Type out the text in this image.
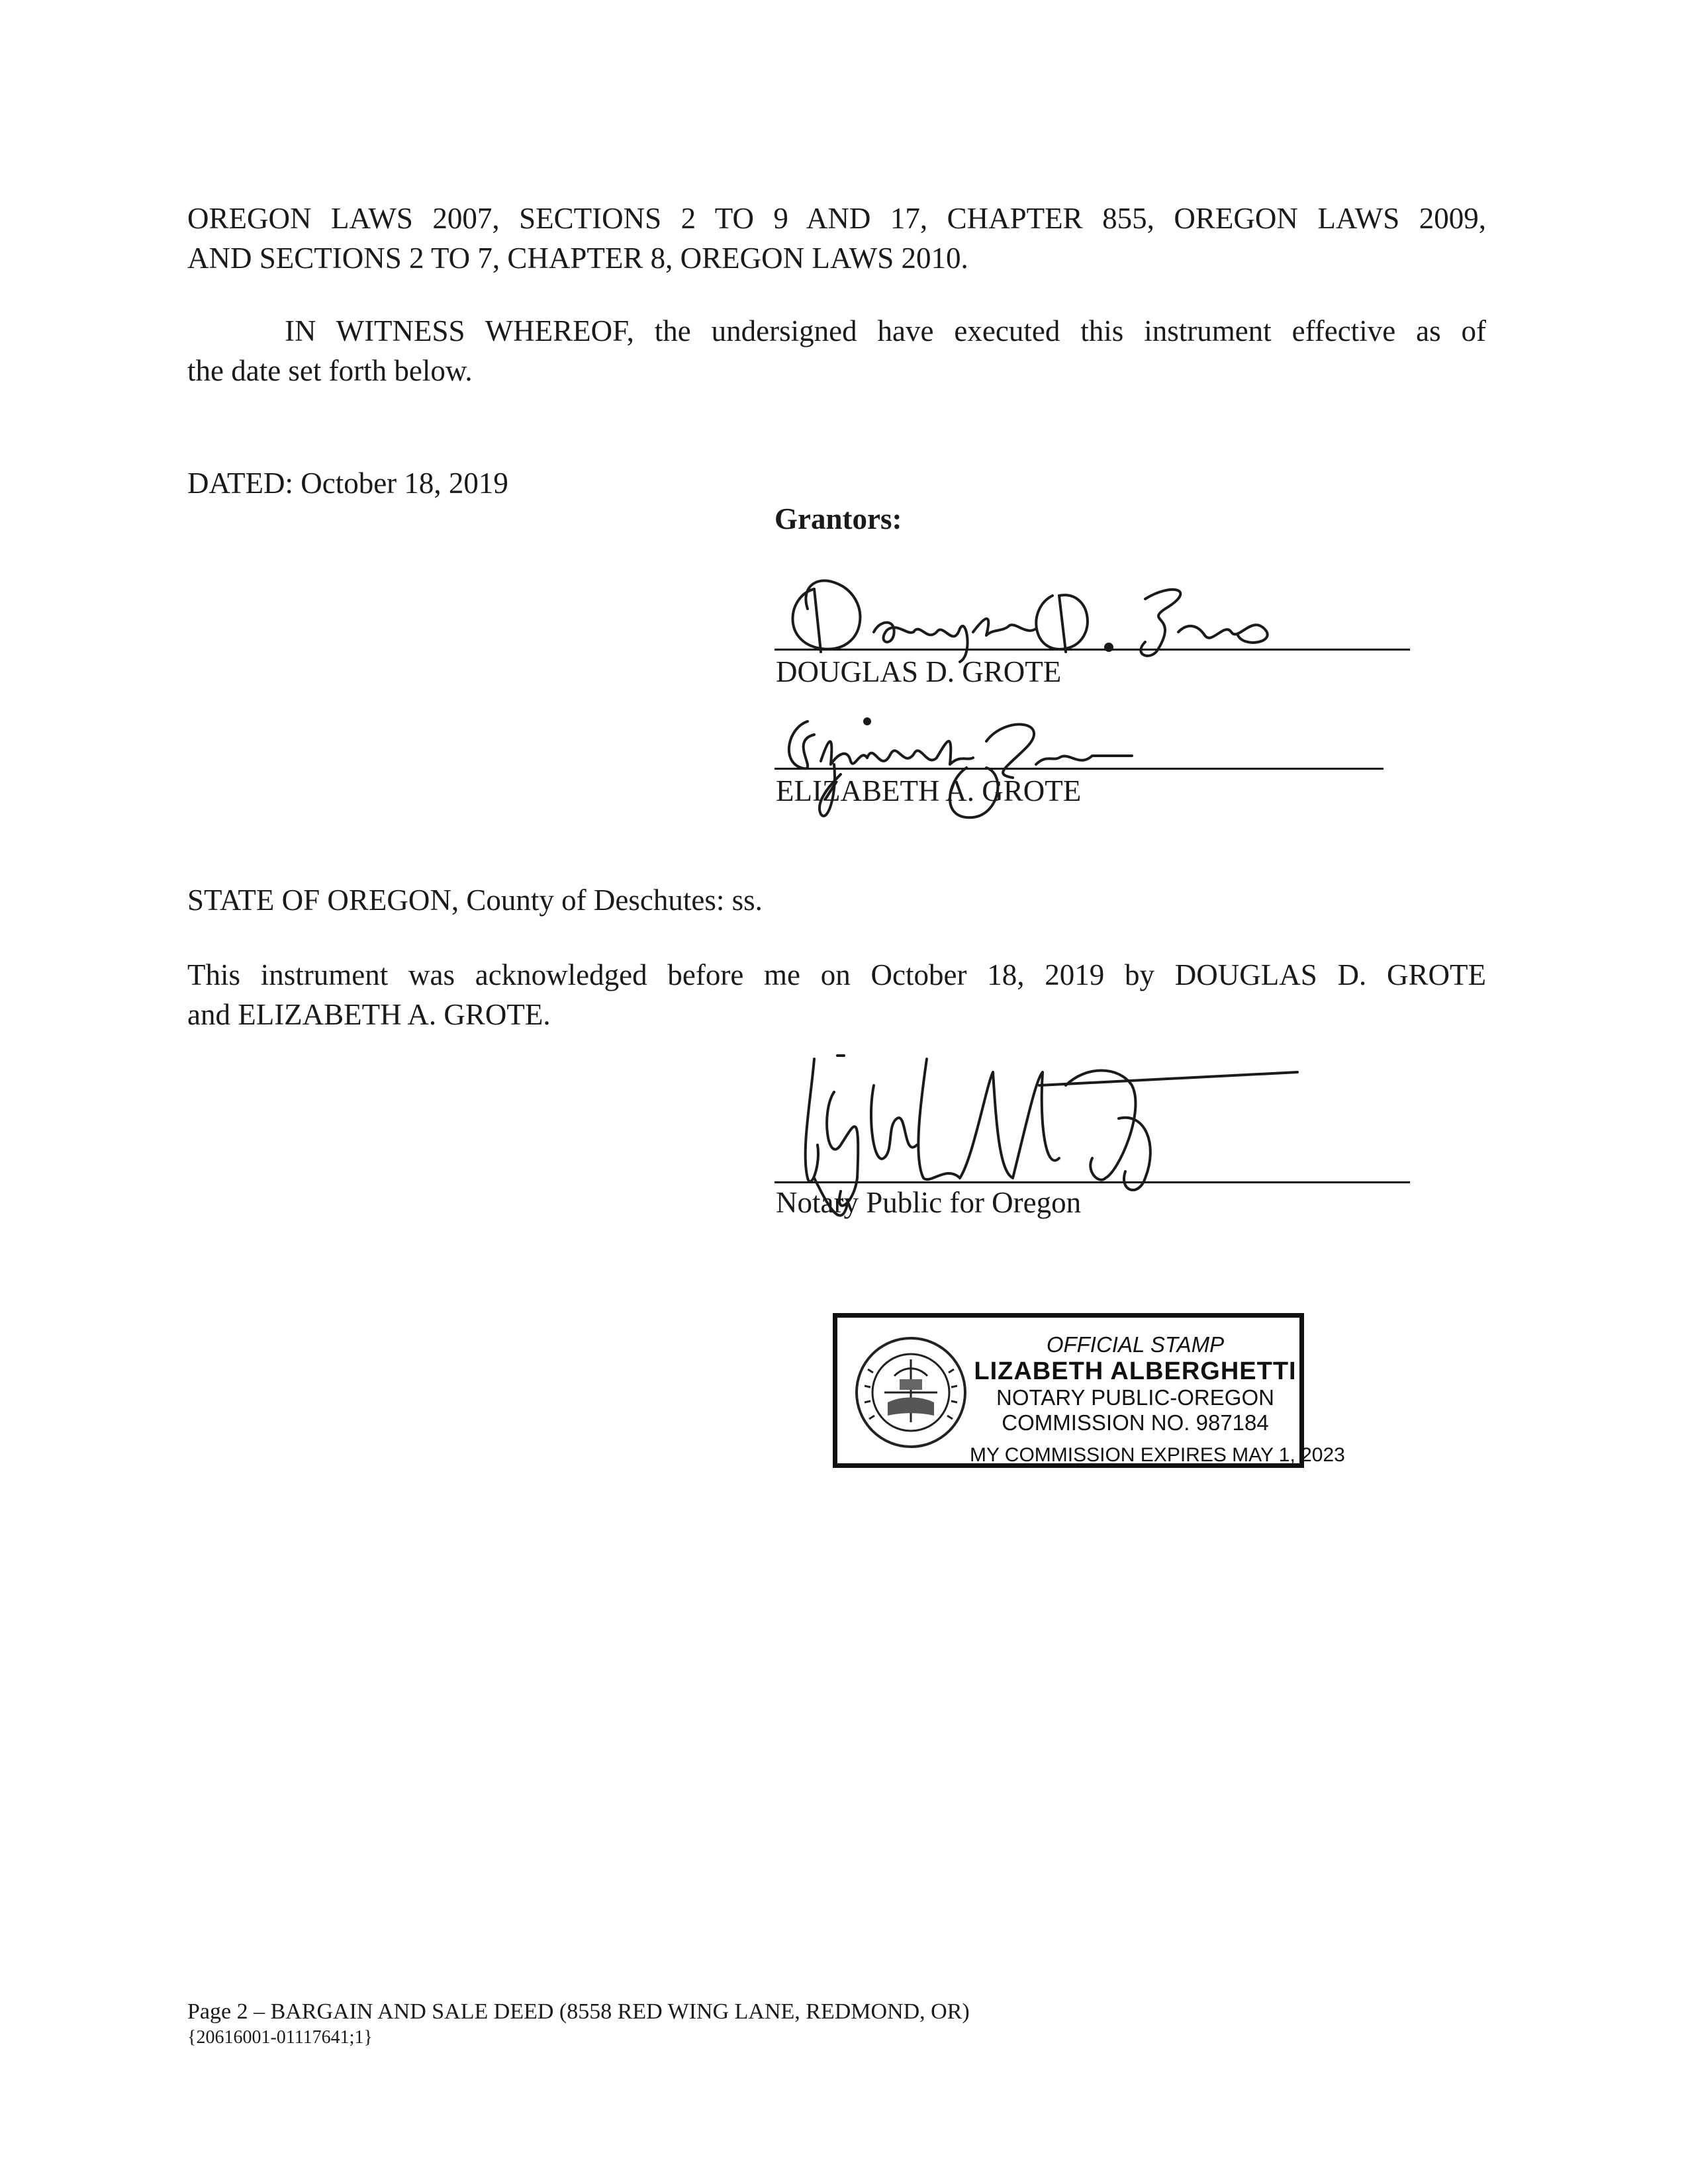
OREGON LAWS 2007, SECTIONS 2 TO 9 AND 17, CHAPTER 855, OREGON LAWS 2009,
AND SECTIONS 2 TO 7, CHAPTER 8, OREGON LAWS 2010.
IN WITNESS WHEREOF, the undersigned have executed this instrument effective as of
the date set forth below.
DATED: October 18, 2019
Grantors:
DOUGLAS D. GROTE
ELIZABETH A. GROTE
STATE OF OREGON, County of Deschutes: ss.
This instrument was acknowledged before me on October 18, 2019 by DOUGLAS D. GROTE
and ELIZABETH A. GROTE.
Notary Public for Oregon
OFFICIAL STAMP
LIZABETH ALBERGHETTI
NOTARY PUBLIC-OREGON
COMMISSION NO. 987184
MY COMMISSION EXPIRES MAY 1, 2023
Page 2 – BARGAIN AND SALE DEED (8558 RED WING LANE, REDMOND, OR)
{20616001-01117641;1}
